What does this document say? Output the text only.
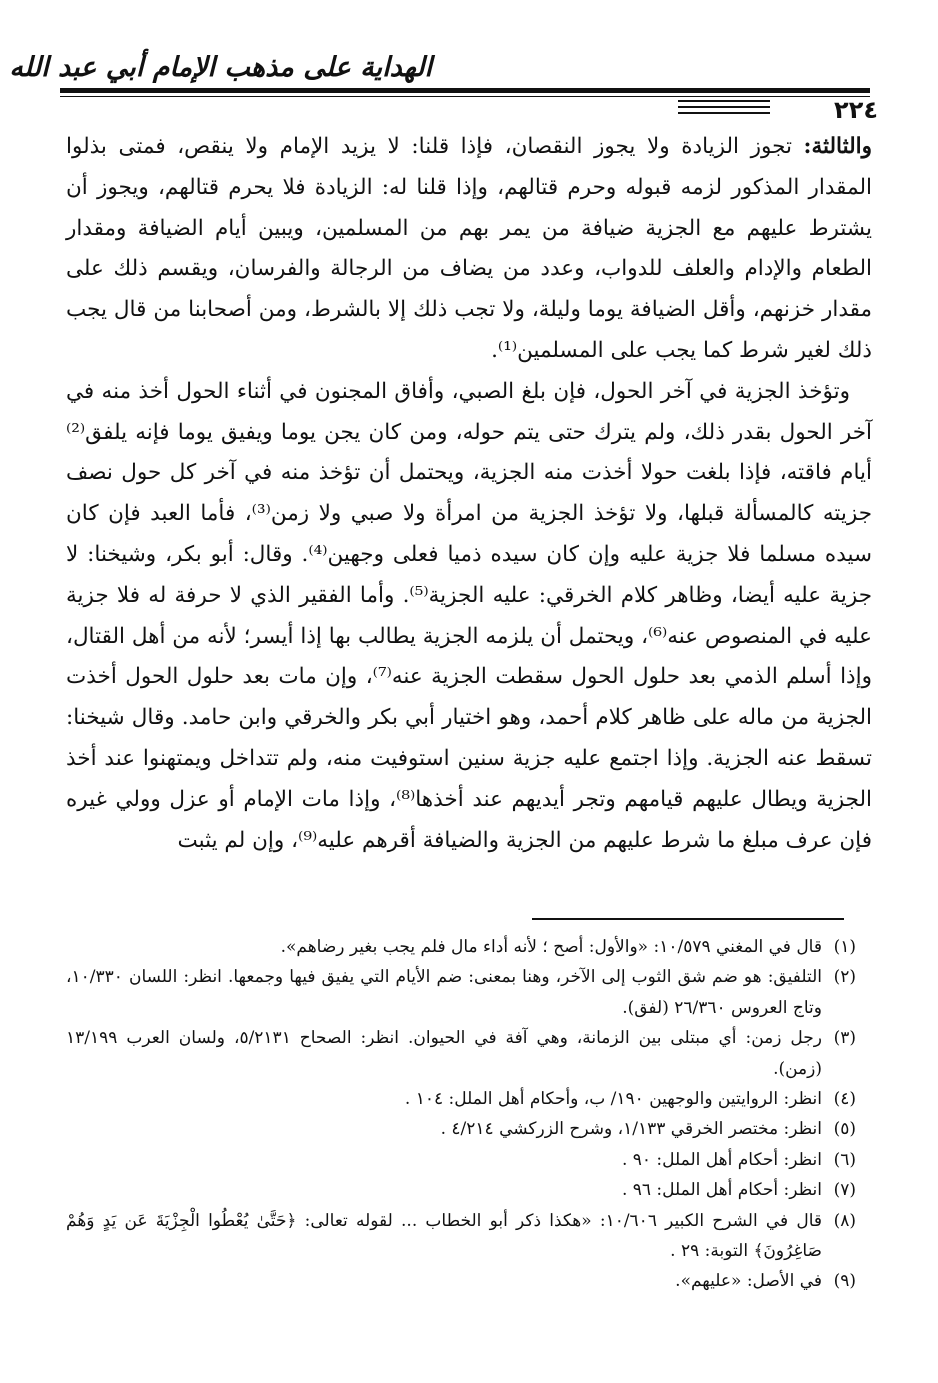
الهداية على مذهب الإمام أبي عبد الله
٢٢٤

والثالثة: تجوز الزيادة ولا يجوز النقصان، فإذا قلنا: لا يزيد الإمام ولا ينقص، فمتى بذلوا المقدار المذكور لزمه قبوله وحرم قتالهم، وإذا قلنا له: الزيادة فلا يحرم قتالهم، ويجوز أن يشترط عليهم مع الجزية ضيافة من يمر بهم من المسلمين، ويبين أيام الضيافة ومقدار الطعام والإدام والعلف للدواب، وعدد من يضاف من الرجالة والفرسان، ويقسم ذلك على مقدار خزنهم، وأقل الضيافة يوما وليلة، ولا تجب ذلك إلا بالشرط، ومن أصحابنا من قال يجب ذلك لغير شرط كما يجب على المسلمين⁽¹⁾.

وتؤخذ الجزية في آخر الحول، فإن بلغ الصبي، وأفاق المجنون في أثناء الحول أخذ منه في آخر الحول بقدر ذلك، ولم يترك حتى يتم حوله، ومن كان يجن يوما ويفيق يوما فإنه يلفق⁽²⁾ أيام فاقته، فإذا بلغت حولا أخذت منه الجزية، ويحتمل أن تؤخذ منه في آخر كل حول نصف جزيته كالمسألة قبلها، ولا تؤخذ الجزية من امرأة ولا صبي ولا زمن⁽³⁾، فأما العبد فإن كان سيده مسلما فلا جزية عليه وإن كان سيده ذميا فعلى وجهين⁽⁴⁾. وقال: أبو بكر، وشيخنا: لا جزية عليه أيضا، وظاهر كلام الخرقي: عليه الجزية⁽⁵⁾. وأما الفقير الذي لا حرفة له فلا جزية عليه في المنصوص عنه⁽⁶⁾، ويحتمل أن يلزمه الجزية يطالب بها إذا أيسر؛ لأنه من أهل القتال، وإذا أسلم الذمي بعد حلول الحول سقطت الجزية عنه⁽⁷⁾، وإن مات بعد حلول الحول أخذت الجزية من ماله على ظاهر كلام أحمد، وهو اختيار أبي بكر والخرقي وابن حامد. وقال شيخنا: تسقط عنه الجزية. وإذا اجتمع عليه جزية سنين استوفيت منه، ولم تتداخل ويمتهنوا عند أخذ الجزية ويطال عليهم قيامهم وتجر أيديهم عند أخذها⁽⁸⁾، وإذا مات الإمام أو عزل وولي غيره فإن عرف مبلغ ما شرط عليهم من الجزية والضيافة أقرهم عليه⁽⁹⁾، وإن لم يثبت

(١)قال في المغني ١٠/٥٧٩: «والأول: أصح ؛ لأنه أداء مال فلم يجب بغير رضاهم».

(٢)التلفيق: هو ضم شق الثوب إلى الآخر، وهنا بمعنى: ضم الأيام التي يفيق فيها وجمعها. انظر: اللسان ١٠/٣٣٠، وتاج العروس ٢٦/٣٦٠ (لفق).

(٣)رجل زمن: أي مبتلى بين الزمانة، وهي آفة في الحيوان. انظر: الصحاح ٥/٢١٣١، ولسان العرب ١٣/١٩٩ (زمن).

(٤)انظر: الروايتين والوجهين ١٩٠/ ب، وأحكام أهل الملل: ١٠٤ .

(٥)انظر: مختصر الخرقي ١/١٣٣، وشرح الزركشي ٤/٢١٤ .

(٦)انظر: أحكام أهل الملل: ٩٠ .

(٧)انظر: أحكام أهل الملل: ٩٦ .

(٨)قال في الشرح الكبير ١٠/٦٠٦: «هكذا ذكر أبو الخطاب ... لقوله تعالى: ﴿حَتَّىٰ يُعْطُوا الْجِزْيَةَ عَن يَدٍ وَهُمْ صَاغِرُونَ﴾ التوبة: ٢٩ .

(٩)في الأصل: «عليهم».
